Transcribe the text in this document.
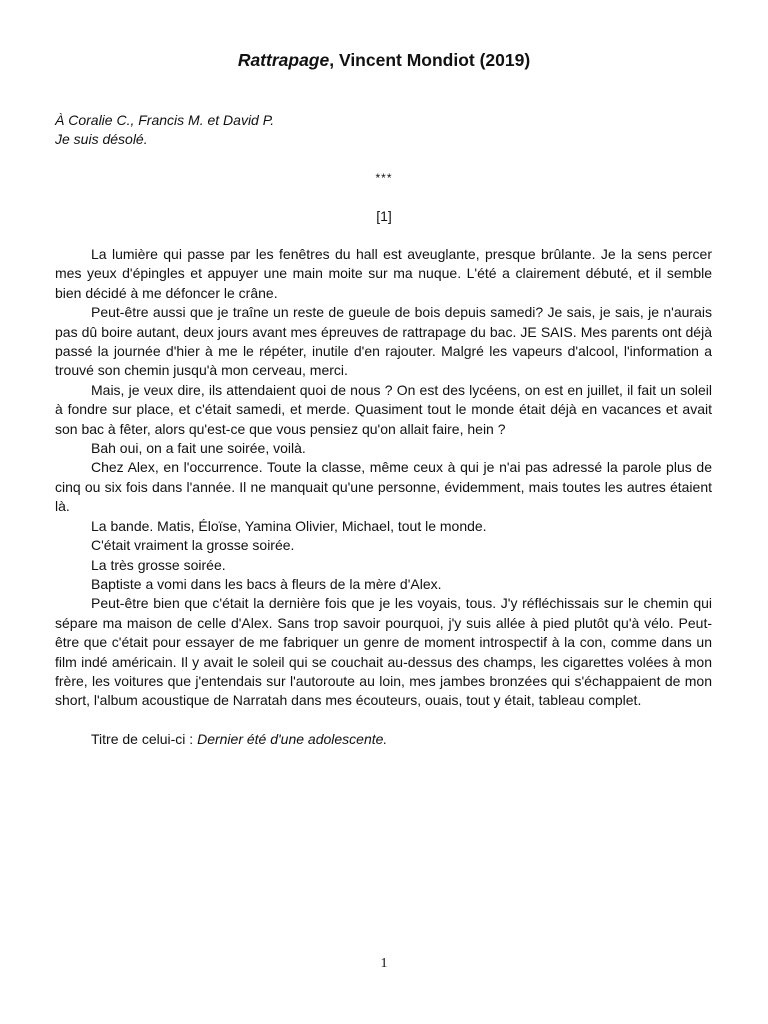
Rattrapage, Vincent Mondiot (2019)
À Coralie C., Francis M. et David P.
Je suis désolé.
***
[1]

La lumière qui passe par les fenêtres du hall est aveuglante, presque brûlante. Je la sens percer mes yeux d'épingles et appuyer une main moite sur ma nuque. L'été a clairement débuté, et il semble bien décidé à me défoncer le crâne.

Peut-être aussi que je traîne un reste de gueule de bois depuis samedi? Je sais, je sais, je n'aurais pas dû boire autant, deux jours avant mes épreuves de rattrapage du bac. JE SAIS. Mes parents ont déjà passé la journée d'hier à me le répéter, inutile d'en rajouter. Malgré les vapeurs d'alcool, l'information a trouvé son chemin jusqu'à mon cerveau, merci.

Mais, je veux dire, ils attendaient quoi de nous ? On est des lycéens, on est en juillet, il fait un soleil à fondre sur place, et c'était samedi, et merde. Quasiment tout le monde était déjà en vacances et avait son bac à fêter, alors qu'est-ce que vous pensiez qu'on allait faire, hein ?

Bah oui, on a fait une soirée, voilà.

Chez Alex, en l'occurrence. Toute la classe, même ceux à qui je n'ai pas adressé la parole plus de cinq ou six fois dans l'année. Il ne manquait qu'une personne, évidemment, mais toutes les autres étaient là.

La bande. Matis, Éloïse, Yamina Olivier, Michael, tout le monde.

C'était vraiment la grosse soirée.

La très grosse soirée.

Baptiste a vomi dans les bacs à fleurs de la mère d'Alex.

Peut-être bien que c'était la dernière fois que je les voyais, tous. J'y réfléchissais sur le chemin qui sépare ma maison de celle d'Alex. Sans trop savoir pourquoi, j'y suis allée à pied plutôt qu'à vélo. Peut-être que c'était pour essayer de me fabriquer un genre de moment introspectif à la con, comme dans un film indé américain. Il y avait le soleil qui se couchait au-dessus des champs, les cigarettes volées à mon frère, les voitures que j'entendais sur l'autoroute au loin, mes jambes bronzées qui s'échappaient de mon short, l'album acoustique de Narratah dans mes écouteurs, ouais, tout y était, tableau complet.

Titre de celui-ci : Dernier été d'une adolescente.

1
